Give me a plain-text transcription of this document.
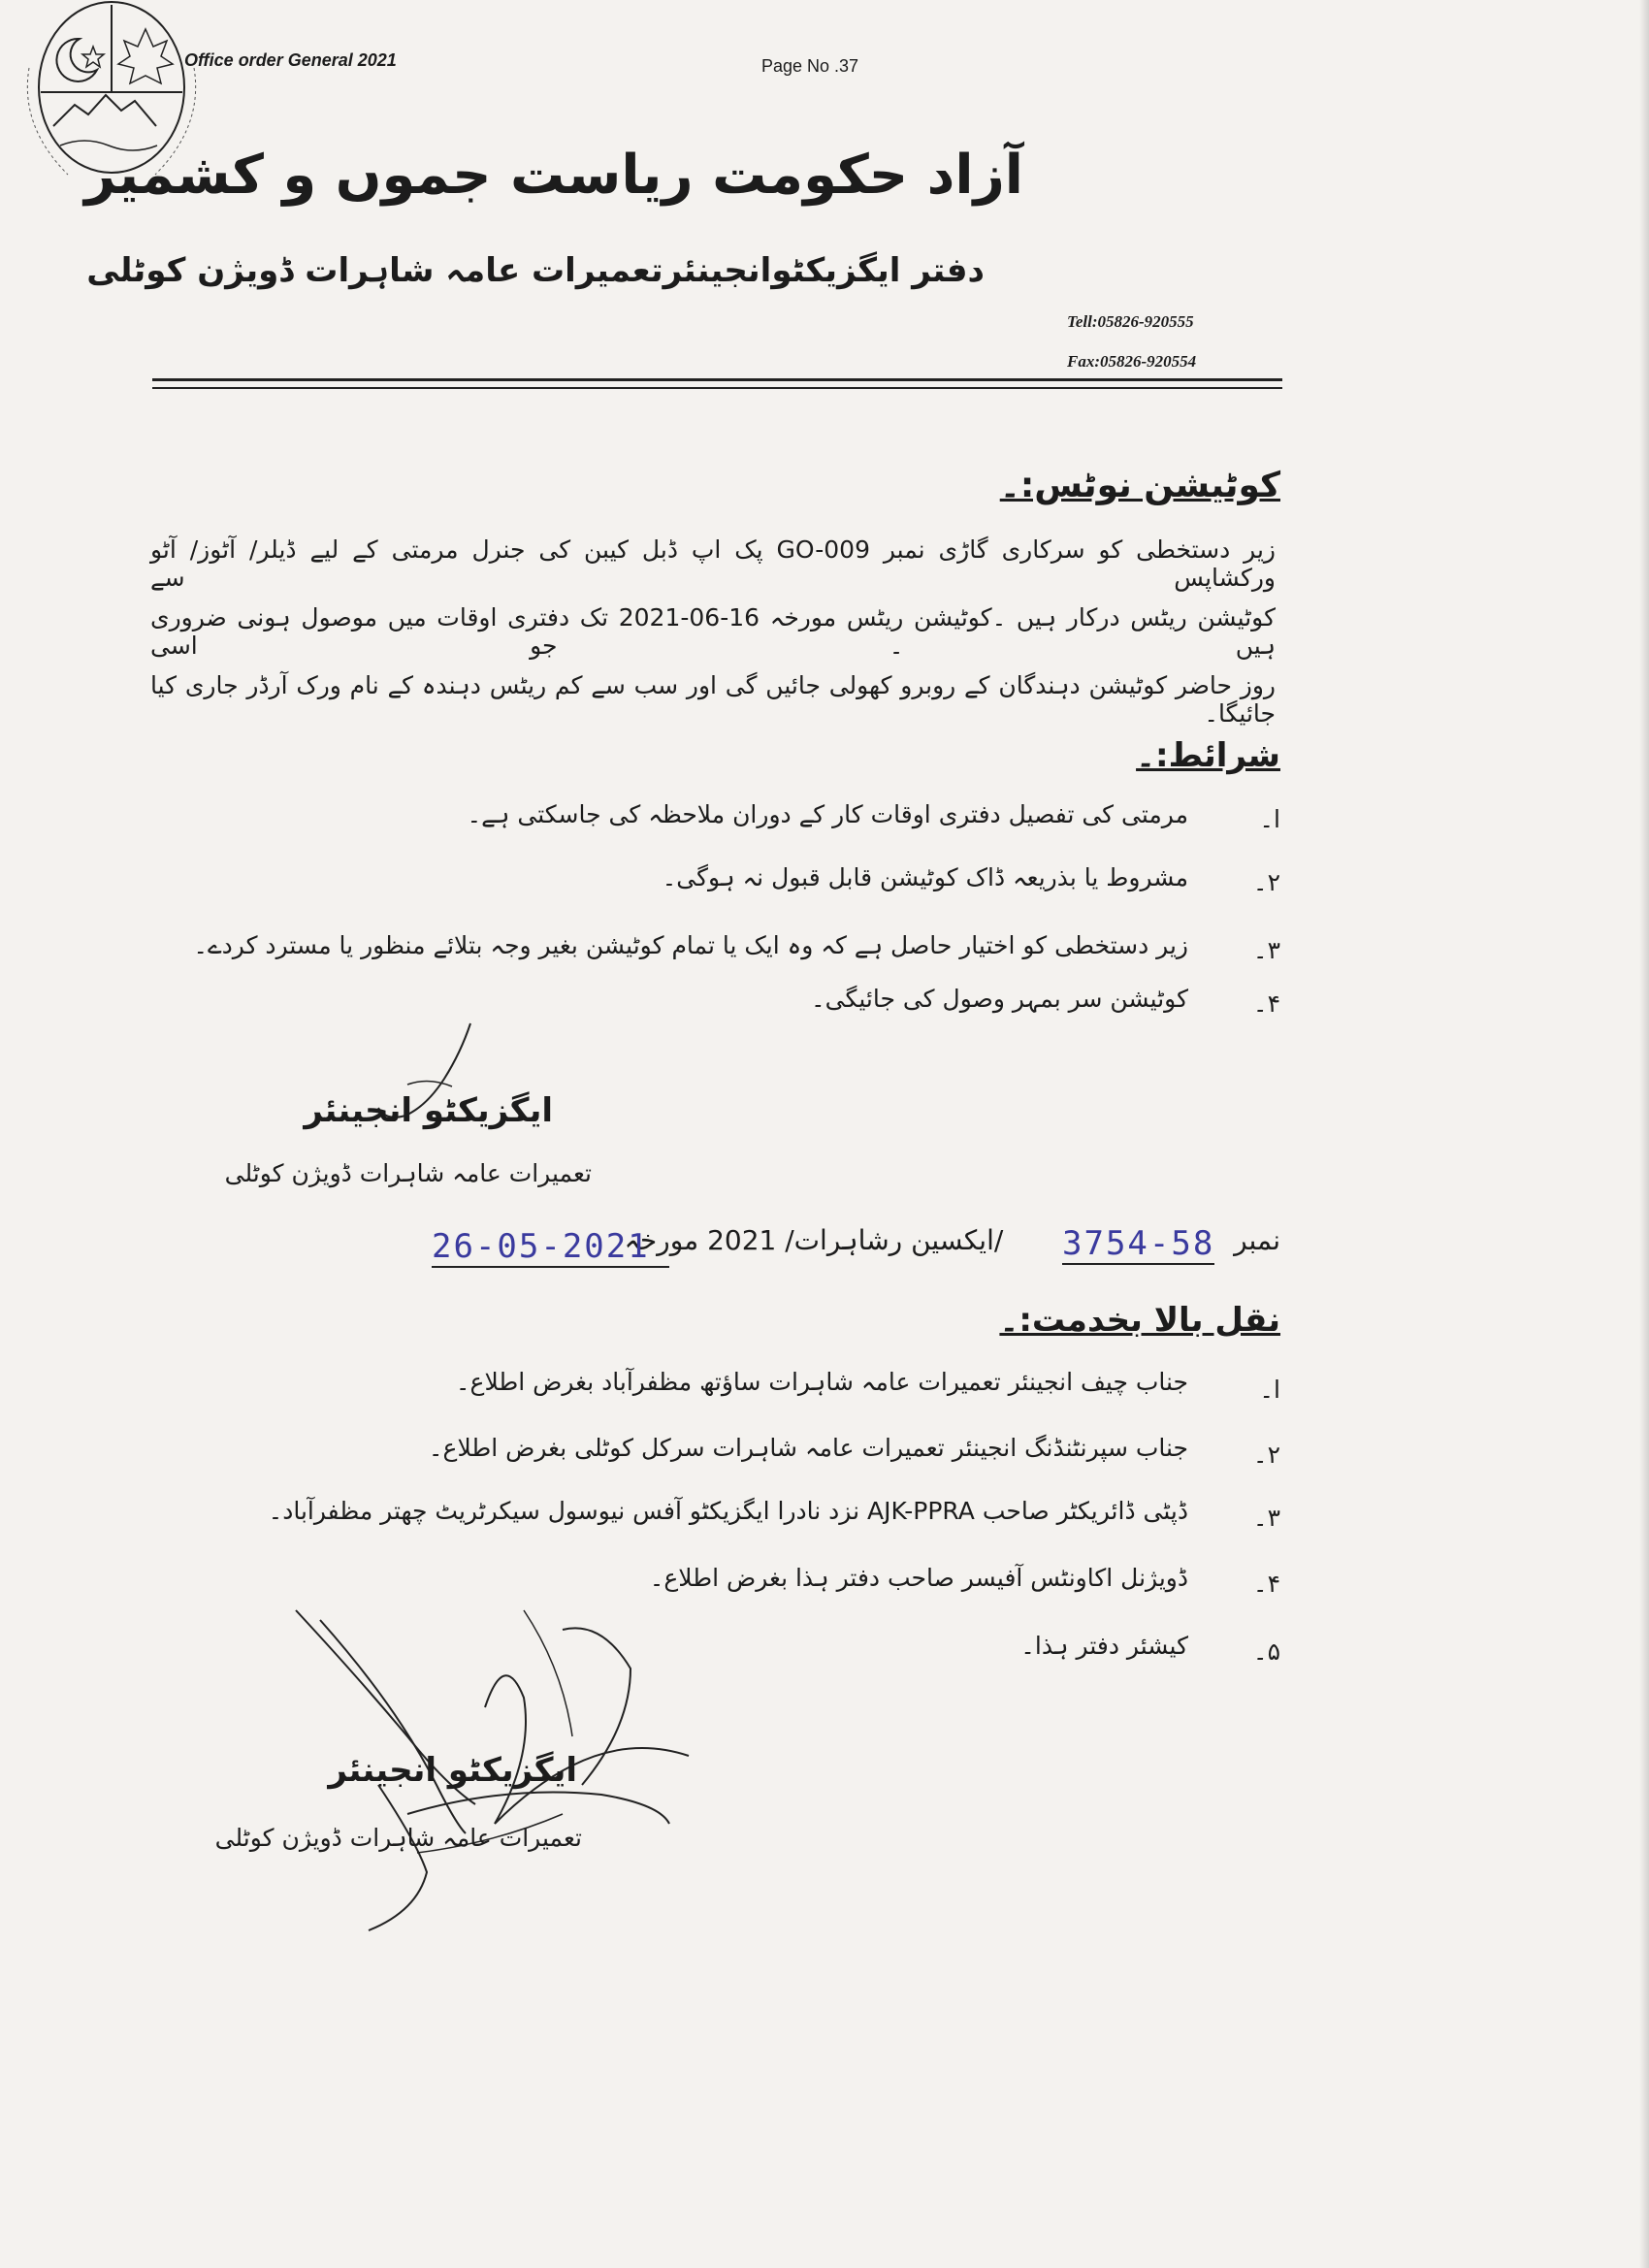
Office order General 2021	Page No .37
آزاد حکومت ریاست جموں و کشمیر
دفتر ایگزیکٹوانجینئرتعمیرات عامہ شاہرات ڈویژن کوٹلی
Tell:05826-920555
Fax:05826-920554
کوٹیشن نوٹس:۔
زیر دستخطی کو سرکاری گاڑی نمبر GO-009 پک اپ ڈبل کیبن کی جنرل مرمتی کے لیے ڈیلر/ آٹوز/ آٹو ورکشاپس سے
کوٹیشن ریٹس درکار ہیں ۔کوٹیشن ریٹس مورخہ 16-06-2021 تک دفتری اوقات میں موصول ہونی ضروری ہیں ۔ جو اسی
روز حاضر کوٹیشن دہندگان کے روبرو کھولی جائیں گی اور سب سے کم ریٹس دہندہ کے نام ورک آرڈر جاری کیا جائیگا۔
شرائط:۔
ا۔
مرمتی کی تفصیل دفتری اوقات کار کے دوران ملاحظہ کی جاسکتی ہے۔
۲۔
مشروط یا بذریعہ ڈاک کوٹیشن قابل قبول نہ ہوگی۔
۳۔
زیر دستخطی کو اختیار حاصل ہے کہ وہ ایک یا تمام کوٹیشن بغیر وجہ بتلائے منظور یا مسترد کردے۔
۴۔
کوٹیشن سر بمہر وصول کی جائیگی۔
ایگزیکٹو انجینئر
تعمیرات عامہ شاہرات ڈویژن کوٹلی
نمبر  /ایکسین رشاہرات/ 2021 مورخہ	3754-58
26-05-2021
نقل بالا بخدمت:۔
ا۔
جناب چیف انجینئر تعمیرات عامہ شاہرات ساؤتھ مظفرآباد بغرض اطلاع۔
۲۔
جناب سپرنٹنڈنگ انجینئر تعمیرات عامہ شاہرات سرکل کوٹلی بغرض اطلاع۔
۳۔
ڈپٹی ڈائریکٹر صاحب AJK-PPRA نزد نادرا ایگزیکٹو آفس نیوسول سیکرٹریٹ چھتر مظفرآباد۔
۴۔
ڈویژنل اکاونٹس آفیسر صاحب دفتر ہذا بغرض اطلاع۔
۵۔
کیشئر دفتر ہذا۔
ایگزیکٹو انجینئر
تعمیرات عامہ شاہرات ڈویژن کوٹلی
